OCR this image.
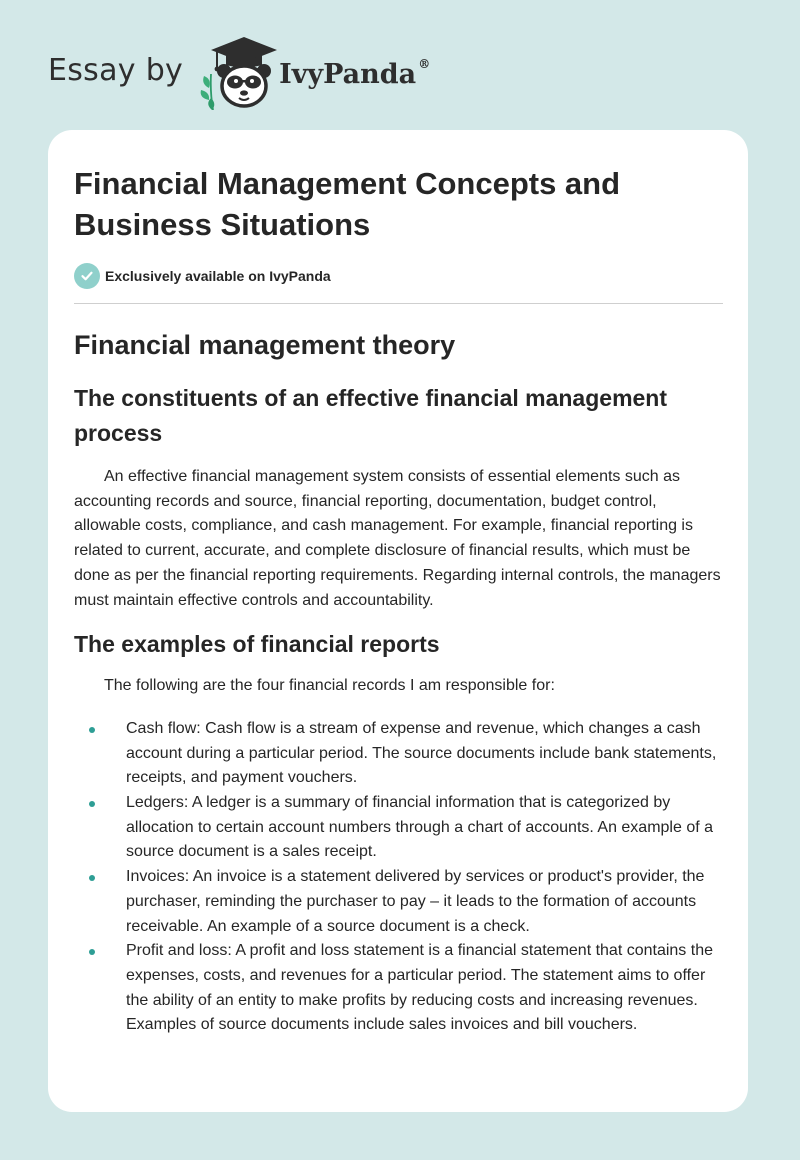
Essay by	IvyPanda ®
Financial Management Concepts and Business Situations
Exclusively available on IvyPanda
Financial management theory
The constituents of an effective financial management process

An effective financial management system consists of essential elements such as accounting records and source, financial reporting, documentation, budget control, allowable costs, compliance, and cash management. For example, financial reporting is related to current, accurate, and complete disclosure of financial results, which must be done as per the financial reporting requirements. Regarding internal controls, the managers must maintain effective controls and accountability.

The examples of financial reports

The following are the four financial records I am responsible for:

Cash flow: Cash flow is a stream of expense and revenue, which changes a cash account during a particular period. The source documents include bank statements, receipts, and payment vouchers.
Ledgers: A ledger is a summary of financial information that is categorized by allocation to certain account numbers through a chart of accounts. An example of a source document is a sales receipt.
Invoices: An invoice is a statement delivered by services or product's provider, the purchaser, reminding the purchaser to pay – it leads to the formation of accounts receivable. An example of a source document is a check.
Profit and loss: A profit and loss statement is a financial statement that contains the expenses, costs, and revenues for a particular period. The statement aims to offer the ability of an entity to make profits by reducing costs and increasing revenues. Examples of source documents include sales invoices and bill vouchers.
